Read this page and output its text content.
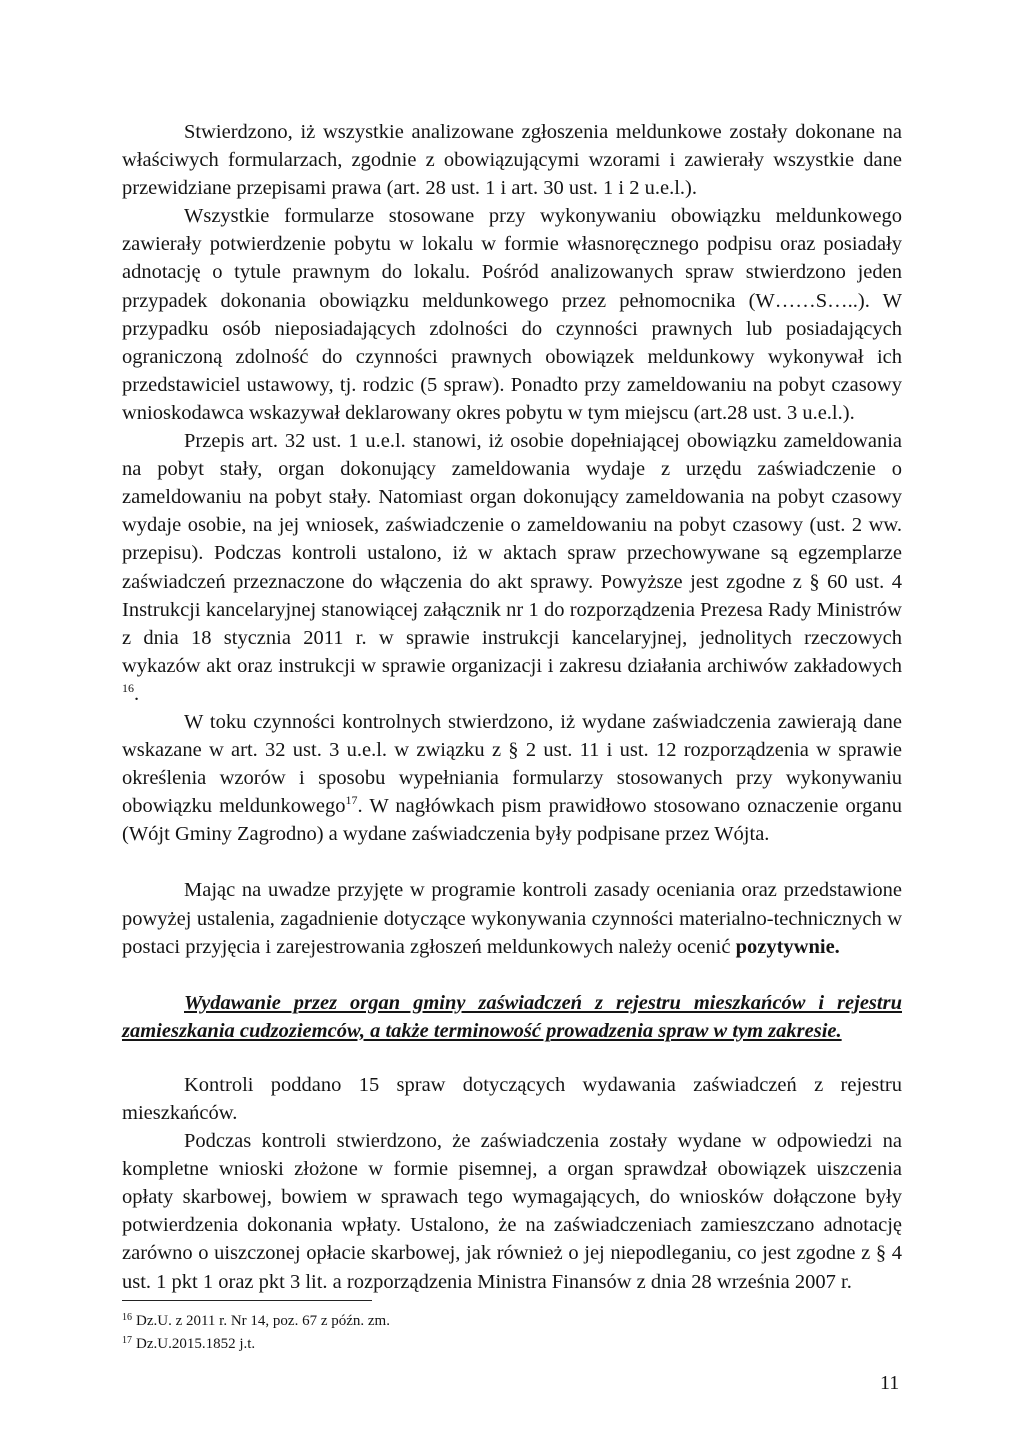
Stwierdzono, iż wszystkie analizowane zgłoszenia meldunkowe zostały dokonane na właściwych formularzach, zgodnie z obowiązującymi wzorami i zawierały wszystkie dane przewidziane przepisami prawa (art. 28 ust. 1 i art. 30 ust. 1 i 2 u.e.l.).

Wszystkie formularze stosowane przy wykonywaniu obowiązku meldunkowego zawierały potwierdzenie pobytu w lokalu w formie własnoręcznego podpisu oraz posiadały adnotację o tytule prawnym do lokalu. Pośród analizowanych spraw stwierdzono jeden przypadek dokonania obowiązku meldunkowego przez pełnomocnika (W……S…..). W przypadku osób nieposiadających zdolności do czynności prawnych lub posiadających ograniczoną zdolność do czynności prawnych obowiązek meldunkowy wykonywał ich przedstawiciel ustawowy, tj. rodzic (5 spraw). Ponadto przy zameldowaniu na pobyt czasowy wnioskodawca wskazywał deklarowany okres pobytu w tym miejscu (art.28 ust. 3 u.e.l.).

Przepis art. 32 ust. 1 u.e.l. stanowi, iż osobie dopełniającej obowiązku zameldowania na pobyt stały, organ dokonujący zameldowania wydaje z urzędu zaświadczenie o zameldowaniu na pobyt stały. Natomiast organ dokonujący zameldowania na pobyt czasowy wydaje osobie, na jej wniosek, zaświadczenie o zameldowaniu na pobyt czasowy (ust. 2 ww. przepisu). Podczas kontroli ustalono, iż w aktach spraw przechowywane są egzemplarze zaświadczeń przeznaczone do włączenia do akt sprawy. Powyższe jest zgodne z § 60 ust. 4 Instrukcji kancelaryjnej stanowiącej załącznik nr 1 do rozporządzenia Prezesa Rady Ministrów z dnia 18 stycznia 2011 r. w sprawie instrukcji kancelaryjnej, jednolitych rzeczowych wykazów akt oraz instrukcji w sprawie organizacji i zakresu działania archiwów zakładowych $^{16}$.

W toku czynności kontrolnych stwierdzono, iż wydane zaświadczenia zawierają dane wskazane w art. 32 ust. 3 u.e.l. w związku z § 2 ust. 11 i ust. 12 rozporządzenia w sprawie określenia wzorów i sposobu wypełniania formularzy stosowanych przy wykonywaniu obowiązku meldunkowego$^{17}$. W nagłówkach pism prawidłowo stosowano oznaczenie organu (Wójt Gminy Zagrodno) a wydane zaświadczenia były podpisane przez Wójta.

Mając na uwadze przyjęte w programie kontroli zasady oceniania oraz przedstawione powyżej ustalenia, zagadnienie dotyczące wykonywania czynności materialno-technicznych w postaci przyjęcia i zarejestrowania zgłoszeń meldunkowych należy ocenić pozytywnie.

Wydawanie przez organ gminy zaświadczeń z rejestru mieszkańców i rejestru zamieszkania cudzoziemców, a także terminowość prowadzenia spraw w tym zakresie.

Kontroli poddano 15 spraw dotyczących wydawania zaświadczeń z rejestru mieszkańców.

Podczas kontroli stwierdzono, że zaświadczenia zostały wydane w odpowiedzi na kompletne wnioski złożone w formie pisemnej, a organ sprawdzał obowiązek uiszczenia opłaty skarbowej, bowiem w sprawach tego wymagających, do wniosków dołączone były potwierdzenia dokonania wpłaty. Ustalono, że na zaświadczeniach zamieszczano adnotację zarówno o uiszczonej opłacie skarbowej, jak również o jej niepodleganiu, co jest zgodne z § 4 ust. 1 pkt 1 oraz pkt 3 lit. a rozporządzenia Ministra Finansów z dnia 28 września 2007 r.

$^{16}$ Dz.U. z 2011 r. Nr 14, poz. 67 z późn. zm.
$^{17}$ Dz.U.2015.1852 j.t.
11
